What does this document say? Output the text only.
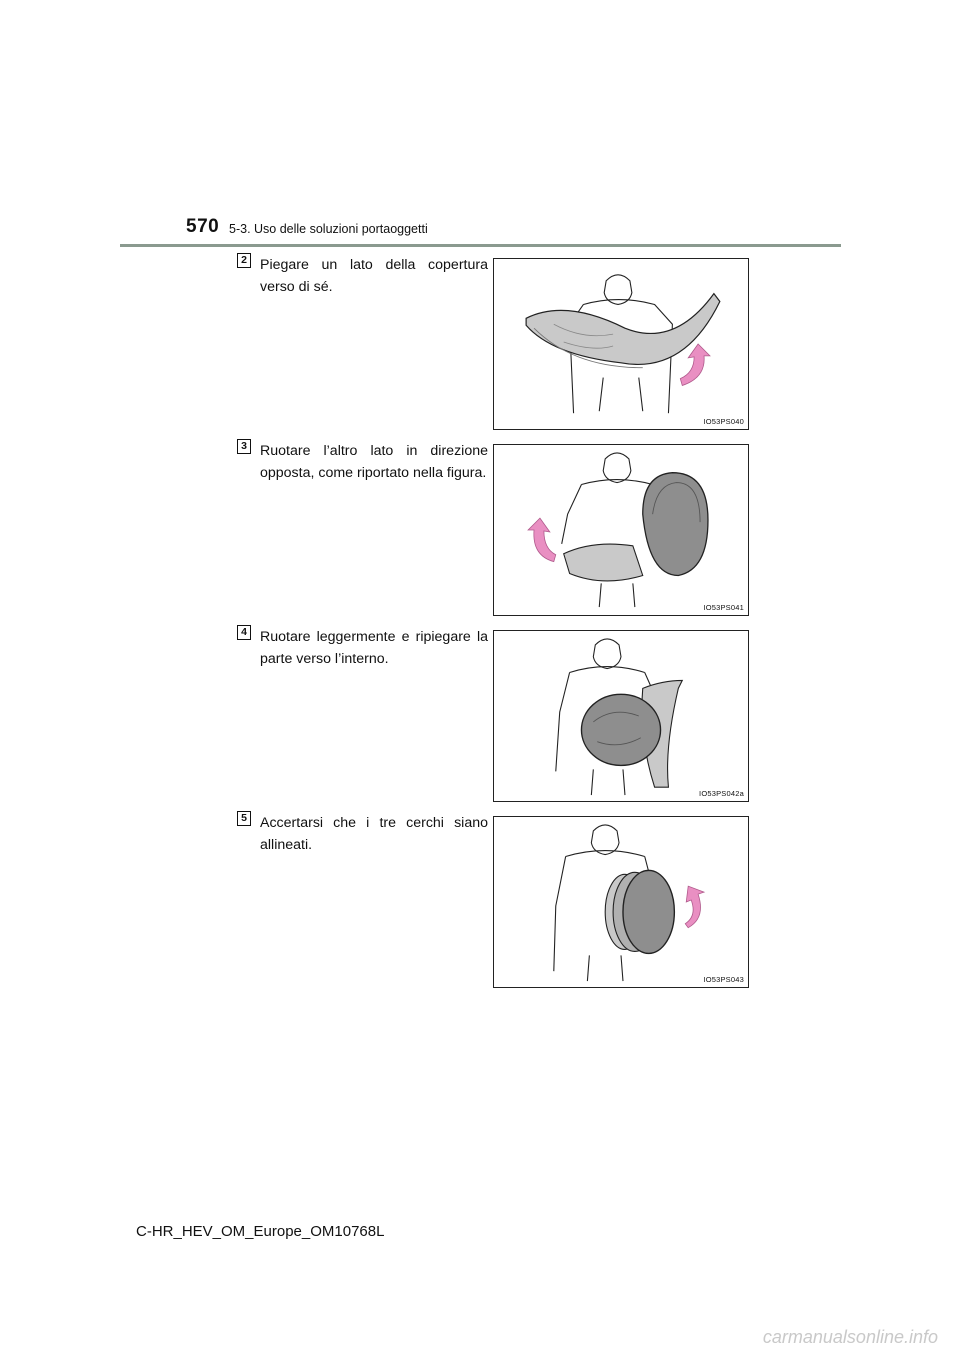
570 5-3. Uso delle soluzioni portaoggetti
2 Piegare un lato della copertura verso di sé.
IO53PS040
3 Ruotare l’altro lato in direzione opposta, come riportato nella figura.
IO53PS041
4 Ruotare leggermente e ripiegare la parte verso l’interno.
IO53PS042a
5 Accertarsi che i tre cerchi siano allineati.
IO53PS043
C-HR_HEV_OM_Europe_OM10768L
carmanualsonline.info
